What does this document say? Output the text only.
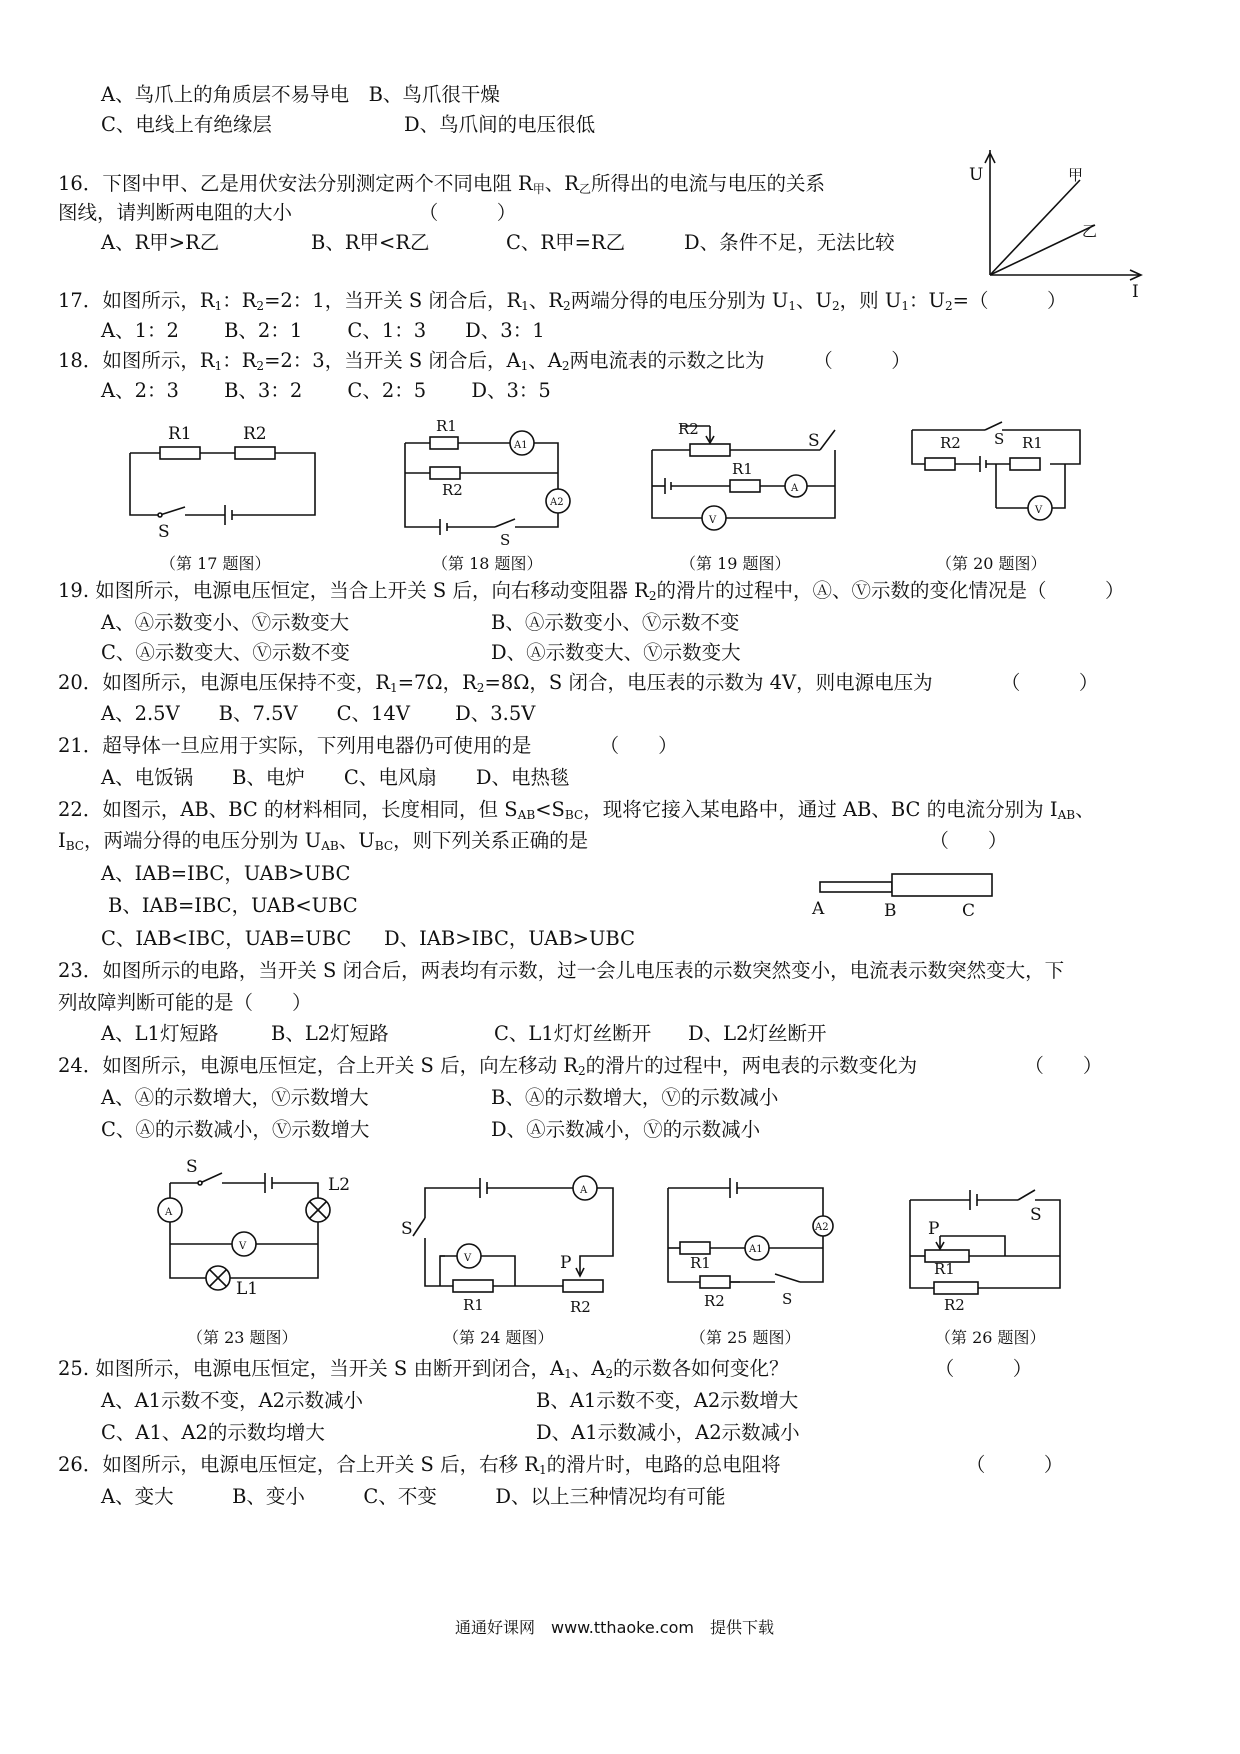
A、鸟爪上的角质层不易导电　B、鸟爪很干燥
C、电线上有绝缘层	D、鸟爪间的电压很低
16．下图中甲、乙是用伏安法分别测定两个不同电阻 $R_甲$、$R_乙$所得出的电流与电压的关系
图线，请判断两电阻的大小　　　　　　　（　　　）
A、R甲>R乙	B、R甲<R乙	C、R甲=R乙	D、条件不足，无法比较
U
I
甲
乙
17．如图所示，$R_1$：$R_2=2$：1，当开关 S 闭合后，$R_1$、$R_2$两端分得的电压分别为 $U_1$、$U_2$，则 $U_1$：$U_2=$（　　　）
A、1：2　　 B、2：1　　 C、1：3　　D、3：1
18．如图所示，$R_1$：$R_2=2$：3，当开关 S 闭合后，$A_1$、$A_2$两电流表的示数之比为　　　（　　　）
A、2：3　　 B、3：2　　 C、2：5　　 D、3：5
R1	R2
S
（第 17 题图）
R1
R2
A1
A2
S
（第 18 题图）
R2
R1
S
A
V
（第 19 题图）
R2	R1
S
V
（第 20 题图）
19. 如图所示，电源电压恒定，当合上开关 S 后，向右移动变阻器 $R_2$的滑片的过程中，Ⓐ、Ⓥ示数的变化情况是（　　　）
A、Ⓐ示数变小、Ⓥ示数变大	B、Ⓐ示数变小、Ⓥ示数不变
C、Ⓐ示数变大、Ⓥ示数不变	D、Ⓐ示数变大、Ⓥ示数变大
20．如图所示，电源电压保持不变，$R_1=7\Omega$，$R_2=8\Omega$，S 闭合，电压表的示数为 4V，则电源电压为　　　　（　　　）
A、2.5V　　B、7.5V　　C、14V　　 D、3.5V
21．超导体一旦应用于实际，下列用电器仍可使用的是　　　　（　　）
A、电饭锅　　B、电炉　　C、电风扇　　D、电热毯
22．如图示，AB、BC 的材料相同，长度相同，但 $S_{AB}<S_{BC}$，现将它接入某电路中，通过 AB、BC 的电流分别为 $I_{AB}$、
$I_{BC}$，两端分得的电压分别为 $U_{AB}$、$U_{BC}$，则下列关系正确的是　　　　　　　　　　　　　　　　　　（　　）
A、IAB=IBC，UAB>UBC
B、IAB=IBC，UAB<UBC
C、IAB<IBC，UAB=UBC D、IAB>IBC，UAB>UBC
A	B	C
23．如图所示的电路，当开关 S 闭合后，两表均有示数，过一会儿电压表的示数突然变小，电流表示数突然变大，下
列故障判断可能的是（　　）
A、L1灯短路	B、L2灯短路	C、L1灯灯丝断开 D、L2灯丝断开
24．如图所示，电源电压恒定，合上开关 S 后，向左移动 $R_2$的滑片的过程中，两电表的示数变化为　　　　　　（　　）
A、Ⓐ的示数增大，Ⓥ示数增大	B、Ⓐ的示数增大，Ⓥ的示数减小
C、Ⓐ的示数减小，Ⓥ示数增大	D、Ⓐ示数减小，Ⓥ的示数减小
S
L2
L1
A
V
（第 23 题图）
S
P
R1	R2
A
V
（第 24 题图）
R1
R2	S
A1
A2
（第 25 题图）
P
R1
R2
S
（第 26 题图）
25. 如图所示，电源电压恒定，当开关 S 由断开到闭合，$A_1$、$A_2$的示数各如何变化？　　　　　　　　（　　　）
A、A1示数不变，A2示数减小	B、A1示数不变，A2示数增大
C、A1、A2的示数均增大	D、A1示数减小，A2示数减小
26．如图所示，电源电压恒定，合上开关 S 后，右移 $R_1$的滑片时，电路的总电阻将　　　　　　　　　　（　　　）
A、变大　　　B、变小　　　C、不变　　　D、以上三种情况均有可能
通通好课网　www.tthaoke.com　提供下载
